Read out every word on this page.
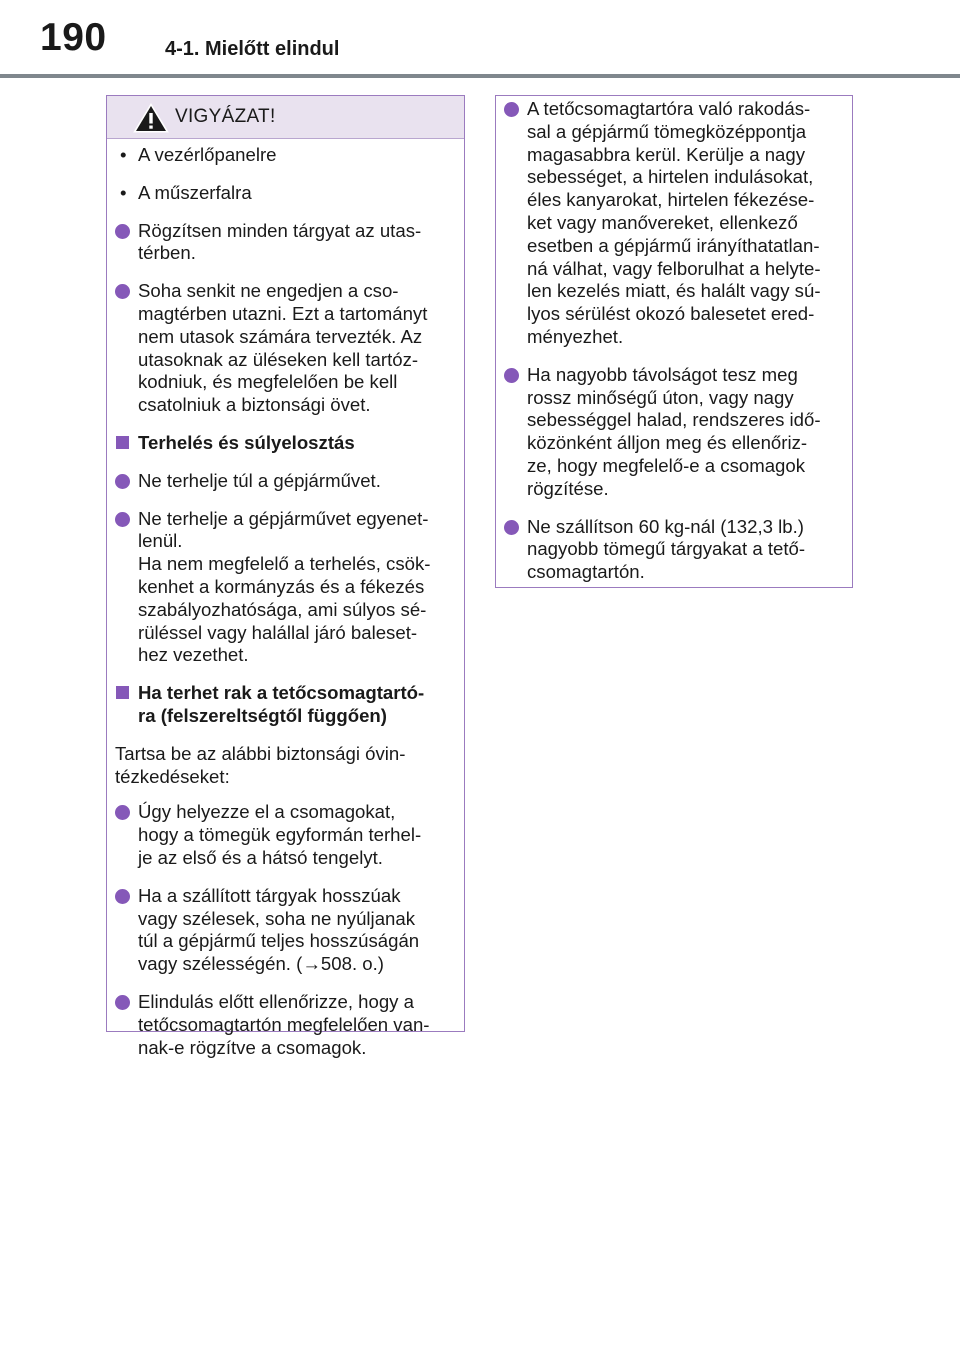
190	4-1. Mielőtt elindul
VIGYÁZAT!
• A vezérlőpanelre
• A műszerfalra
Rögzítsen minden tárgyat az utas-
térben.
Soha senkit ne engedjen a cso-
magtérben utazni. Ezt a tartományt
nem utasok számára tervezték. Az
utasoknak az üléseken kell tartóz-
kodniuk, és megfelelően be kell
csatolniuk a biztonsági övet.
Terhelés és súlyelosztás
Ne terhelje túl a gépjárművet.
Ne terhelje a gépjárművet egyenet-
lenül.
Ha nem megfelelő a terhelés, csök-
kenhet a kormányzás és a fékezés
szabályozhatósága, ami súlyos sé-
rüléssel vagy halállal járó baleset-
hez vezethet.
Ha terhet rak a tetőcsomagtartó-
ra (felszereltségtől függően)
Tartsa be az alábbi biztonsági óvin-
tézkedéseket:
Úgy helyezze el a csomagokat,
hogy a tömegük egyformán terhel-
je az első és a hátsó tengelyt.
Ha a szállított tárgyak hosszúak
vagy szélesek, soha ne nyúljanak
túl a gépjármű teljes hosszúságán
vagy szélességén. (→508. o.)
Elindulás előtt ellenőrizze, hogy a
tetőcsomagtartón megfelelően van-
nak-e rögzítve a csomagok.
A tetőcsomagtartóra való rakodás-
sal a gépjármű tömegközéppontja
magasabbra kerül. Kerülje a nagy
sebességet, a hirtelen indulásokat,
éles kanyarokat, hirtelen fékezése-
ket vagy manővereket, ellenkező
esetben a gépjármű irányíthatatlan-
ná válhat, vagy felborulhat a helyte-
len kezelés miatt, és halált vagy sú-
lyos sérülést okozó balesetet ered-
ményezhet.
Ha nagyobb távolságot tesz meg
rossz minőségű úton, vagy nagy
sebességgel halad, rendszeres idő-
közönként álljon meg és ellenőriz-
ze, hogy megfelelő-e a csomagok
rögzítése.
Ne szállítson 60 kg-nál (132,3 lb.)
nagyobb tömegű tárgyakat a tető-
csomagtartón.
